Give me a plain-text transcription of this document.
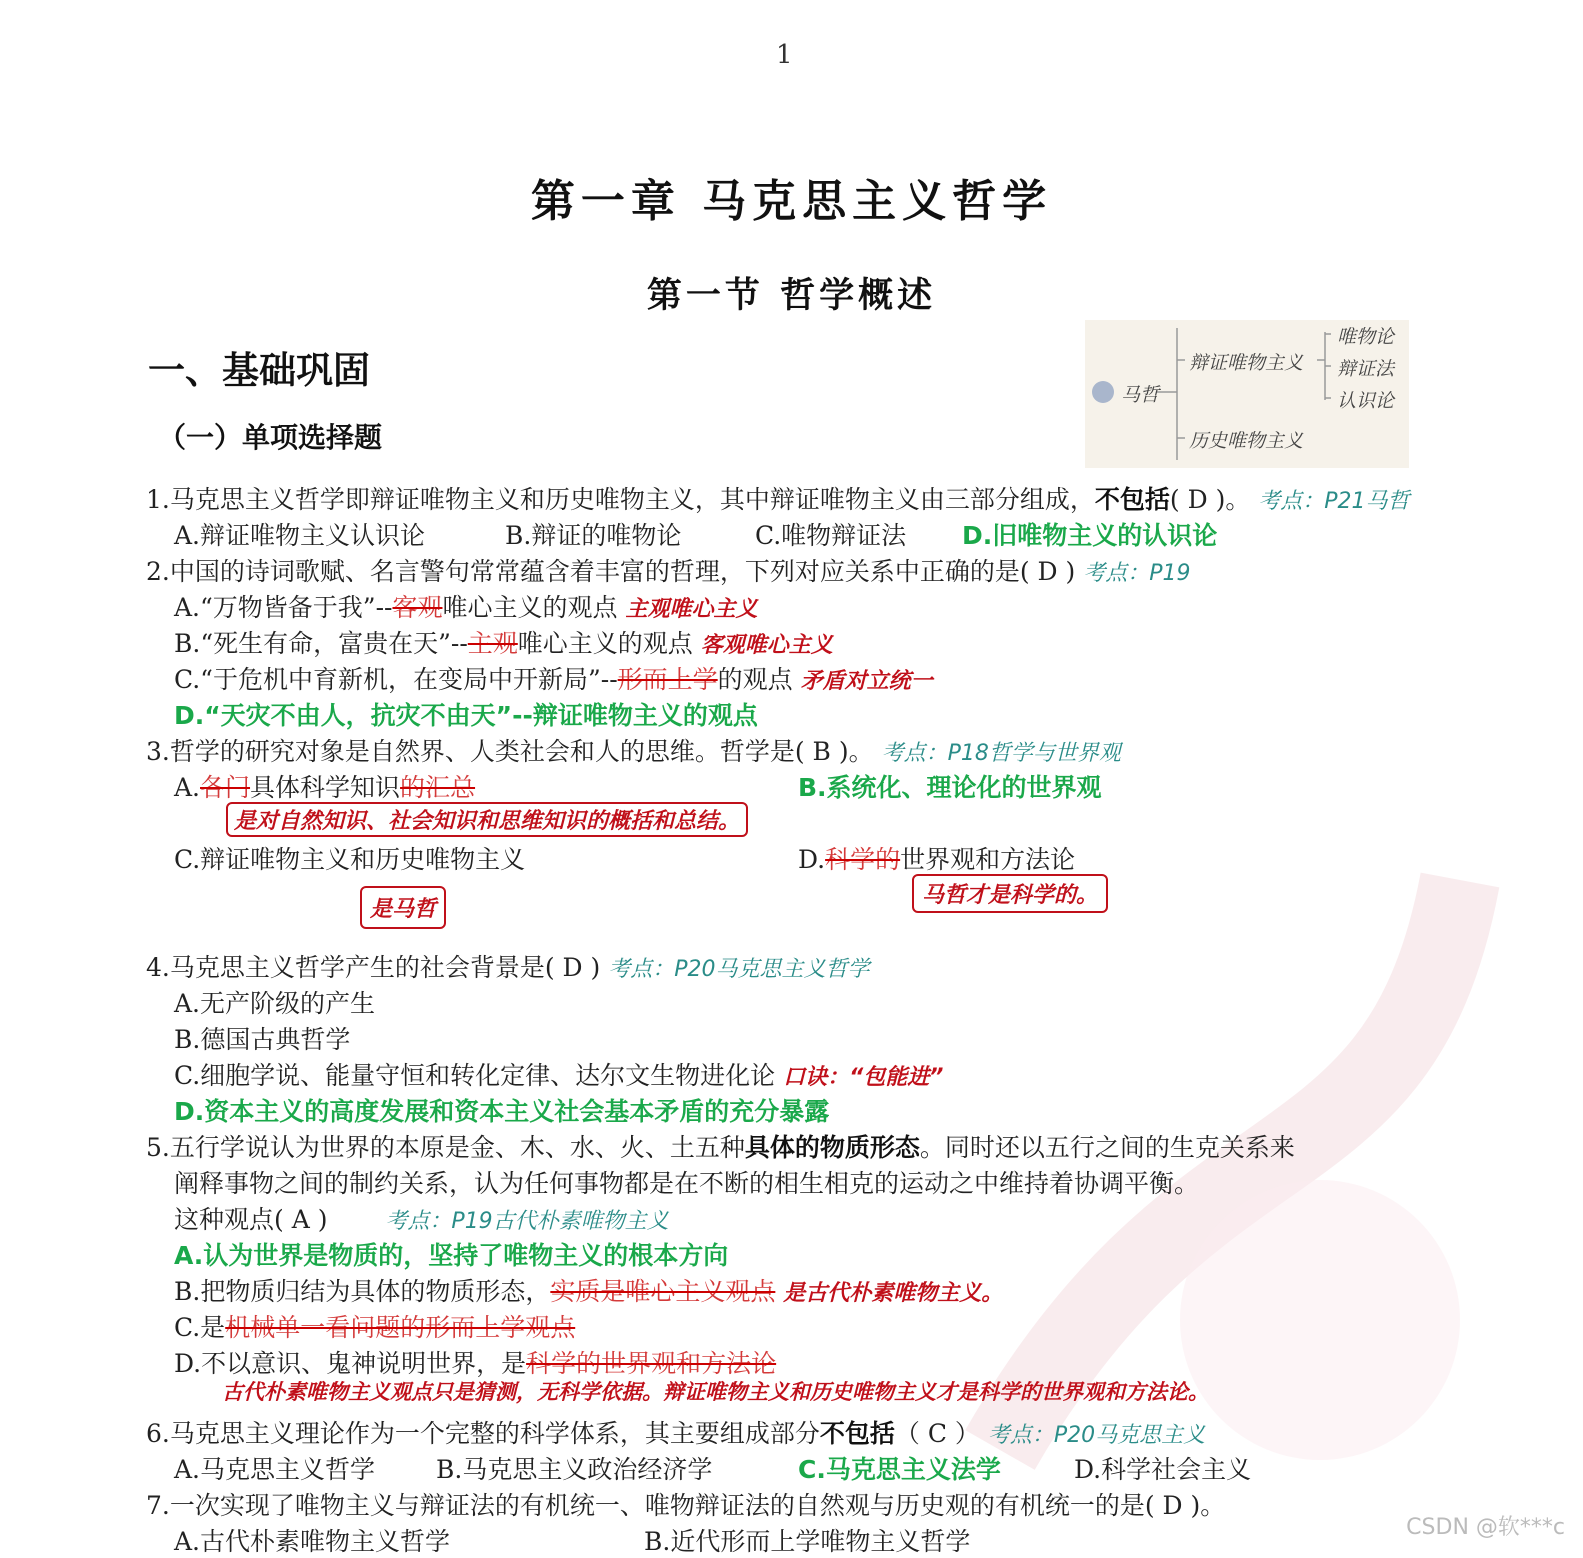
1
第一章 马克思主义哲学
第一节 哲学概述
一、基础巩固
（一）单项选择题
马哲
辩证唯物主义
唯物论
辩证法
认识论
历史唯物主义
1.马克思主义哲学即辩证唯物主义和历史唯物主义，其中辩证唯物主义由三部分组成，不包括( D )。 考点：P21马哲
A.辩证唯物主义认识论	B.辩证的唯物论	C.唯物辩证法 D.旧唯物主义的认识论
2.中国的诗词歌赋、名言警句常常蕴含着丰富的哲理，下列对应关系中正确的是( D ) 考点：P19
A.“万物皆备于我”--客观唯心主义的观点 主观唯心主义
B.“死生有命，富贵在天”--主观唯心主义的观点 客观唯心主义
C.“于危机中育新机，在变局中开新局”--形而上学的观点 矛盾对立统一
D.“天灾不由人，抗灾不由天”--辩证唯物主义的观点
3.哲学的研究对象是自然界、人类社会和人的思维。哲学是( B )。 考点：P18哲学与世界观
A.各门具体科学知识的汇总	B.系统化、理论化的世界观
是对自然知识、社会知识和思维知识的概括和总结。
C.辩证唯物主义和历史唯物主义	D.科学的世界观和方法论
是马哲
马哲才是科学的。
4.马克思主义哲学产生的社会背景是( D ) 考点：P20马克思主义哲学
A.无产阶级的产生
B.德国古典哲学
C.细胞学说、能量守恒和转化定律、达尔文生物进化论 口诀：“包能进”
D.资本主义的高度发展和资本主义社会基本矛盾的充分暴露
5.五行学说认为世界的本原是金、木、水、火、土五种具体的物质形态。同时还以五行之间的生克关系来
阐释事物之间的制约关系，认为任何事物都是在不断的相生相克的运动之中维持着协调平衡。
这种观点( A )	考点：P19古代朴素唯物主义
A.认为世界是物质的，坚持了唯物主义的根本方向
B.把物质归结为具体的物质形态，实质是唯心主义观点 是古代朴素唯物主义。
C.是机械单一看问题的形而上学观点
D.不以意识、鬼神说明世界，是科学的世界观和方法论
古代朴素唯物主义观点只是猜测，无科学依据。辩证唯物主义和历史唯物主义才是科学的世界观和方法论。
6.马克思主义理论作为一个完整的科学体系，其主要组成部分不包括（ C ） 考点：P20马克思主义
A.马克思主义哲学 B.马克思主义政治经济学	C.马克思主义法学	D.科学社会主义
7.一次实现了唯物主义与辩证法的有机统一、唯物辩证法的自然观与历史观的有机统一的是( D )。
A.古代朴素唯物主义哲学	B.近代形而上学唯物主义哲学	CSDN @软***c
